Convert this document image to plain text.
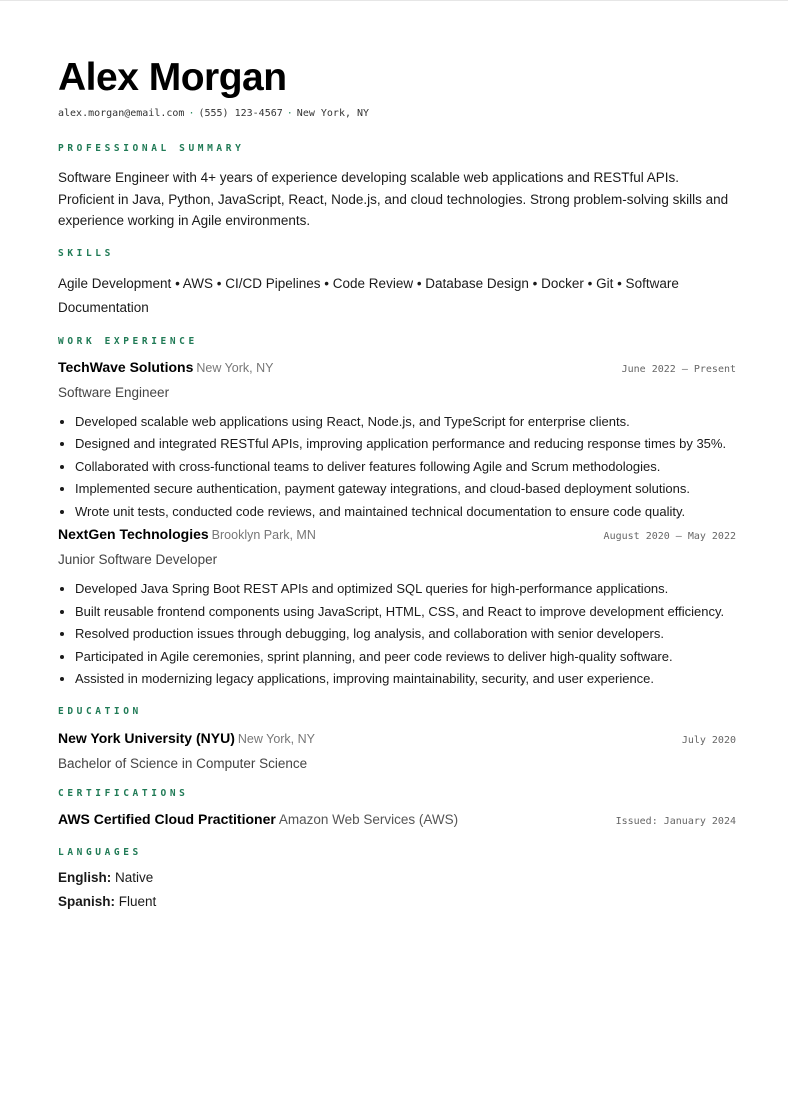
Alex Morgan
alex.morgan@email.com · (555) 123-4567 · New York, NY
PROFESSIONAL SUMMARY

Software Engineer with 4+ years of experience developing scalable web applications and RESTful APIs. Proficient in Java, Python, JavaScript, React, Node.js, and cloud technologies. Strong problem-solving skills and experience working in Agile environments.

SKILLS

Agile Development • AWS • CI/CD Pipelines • Code Review • Database Design • Docker • Git • Software Documentation

WORK EXPERIENCE
TechWave Solutions New York, NY	June 2022 – Present
Software Engineer
• Developed scalable web applications using React, Node.js, and TypeScript for enterprise clients.
• Designed and integrated RESTful APIs, improving application performance and reducing response times by 35%.
• Collaborated with cross-functional teams to deliver features following Agile and Scrum methodologies.
• Implemented secure authentication, payment gateway integrations, and cloud-based deployment solutions.
• Wrote unit tests, conducted code reviews, and maintained technical documentation to ensure code quality.
NextGen Technologies Brooklyn Park, MN	August 2020 – May 2022
Junior Software Developer
• Developed Java Spring Boot REST APIs and optimized SQL queries for high-performance applications.
• Built reusable frontend components using JavaScript, HTML, CSS, and React to improve development efficiency.
• Resolved production issues through debugging, log analysis, and collaboration with senior developers.
• Participated in Agile ceremonies, sprint planning, and peer code reviews to deliver high-quality software.
• Assisted in modernizing legacy applications, improving maintainability, security, and user experience.
EDUCATION
New York University (NYU) New York, NY	July 2020
Bachelor of Science in Computer Science
CERTIFICATIONS
AWS Certified Cloud Practitioner Amazon Web Services (AWS)	Issued: January 2024
LANGUAGES
English: Native
Spanish: Fluent
